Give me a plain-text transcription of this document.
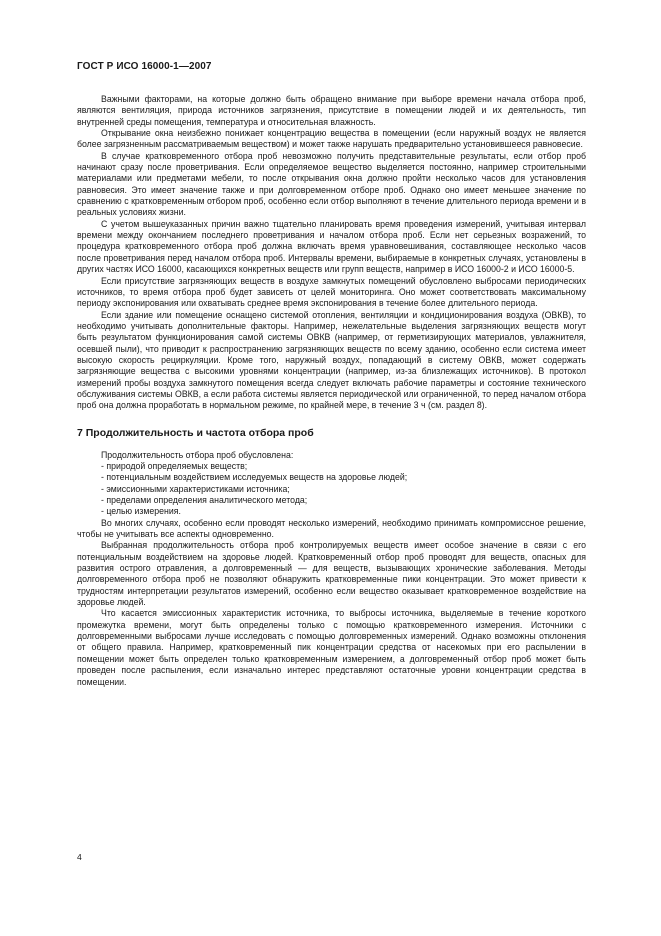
ГОСТ Р ИСО 16000-1—2007

Важными факторами, на которые должно быть обращено внимание при выборе времени начала отбора проб, являются вентиляция, природа источников загрязнения, присутствие в помещении людей и их деятельность, тип внутренней среды помещения, температура и относительная влажность.

Открывание окна неизбежно понижает концентрацию вещества в помещении (если наружный воздух не является более загрязненным рассматриваемым веществом) и может также нарушать предварительно установившееся равновесие.

В случае кратковременного отбора проб невозможно получить представительные результаты, если отбор проб начинают сразу после проветривания. Если определяемое вещество выделяется постоянно, например строительными материалами или предметами мебели, то после открывания окна должно пройти несколько часов для установления равновесия. Это имеет значение также и при долговременном отборе проб. Однако оно имеет меньшее значение по сравнению с кратковременным отбором проб, особенно если отбор выполняют в течение длительного периода времени и в реальных условиях жизни.

С учетом вышеуказанных причин важно тщательно планировать время проведения измерений, учитывая интервал времени между окончанием последнего проветривания и началом отбора проб. Если нет серьезных возражений, то процедура кратковременного отбора проб должна включать время уравновешивания, составляющее несколько часов после проветривания перед началом отбора проб. Интервалы времени, выбираемые в конкретных случаях, установлены в других частях ИСО 16000, касающихся конкретных веществ или групп веществ, например в ИСО 16000-2 и ИСО 16000-5.

Если присутствие загрязняющих веществ в воздухе замкнутых помещений обусловлено выбросами периодических источников, то время отбора проб будет зависеть от целей мониторинга. Оно может соответствовать максимальному периоду экспонирования или охватывать среднее время экспонирования в течение более длительного периода.

Если здание или помещение оснащено системой отопления, вентиляции и кондиционирования воздуха (ОВКВ), то необходимо учитывать дополнительные факторы. Например, нежелательные выделения загрязняющих веществ могут быть результатом функционирования самой системы ОВКВ (например, от герметизирующих материалов, увлажнителя, осевшей пыли), что приводит к распространению загрязняющих веществ по всему зданию, особенно если система имеет высокую скорость рециркуляции. Кроме того, наружный воздух, попадающий в систему ОВКВ, может содержать загрязняющие вещества с высокими уровнями концентрации (например, из-за близлежащих источников). В протокол измерений пробы воздуха замкнутого помещения всегда следует включать рабочие параметры и состояние технического обслуживания системы ОВКВ, а если работа системы является периодической или ограниченной, то перед началом отбора проб она должна проработать в нормальном режиме, по крайней мере, в течение 3 ч (см. раздел 8).

7 Продолжительность и частота отбора проб

Продолжительность отбора проб обусловлена:

- природой определяемых веществ;
- потенциальным воздействием исследуемых веществ на здоровье людей;
- эмиссионными характеристиками источника;
- пределами определения аналитического метода;
- целью измерения.

Во многих случаях, особенно если проводят несколько измерений, необходимо принимать компромиссное решение, чтобы не учитывать все аспекты одновременно.

Выбранная продолжительность отбора проб контролируемых веществ имеет особое значение в связи с его потенциальным воздействием на здоровье людей. Кратковременный отбор проб проводят для веществ, опасных для развития острого отравления, а долговременный — для веществ, вызывающих хронические заболевания. Методы долговременного отбора проб не позволяют обнаружить кратковременные пики концентрации. Это может привести к трудностям интерпретации результатов измерений, особенно если вещество оказывает кратковременное воздействие на здоровье людей.

Что касается эмиссионных характеристик источника, то выбросы источника, выделяемые в течение короткого промежутка времени, могут быть определены только с помощью кратковременного измерения. Источники с долговременными выбросами лучше исследовать с помощью долговременных измерений. Однако возможны отклонения от общего правила. Например, кратковременный пик концентрации средства от насекомых при его распылении в помещении может быть определен только кратковременным измерением, а долговременный отбор проб может быть проведен после распыления, если изначально интерес представляют остаточные уровни концентрации средства в помещении.

4
